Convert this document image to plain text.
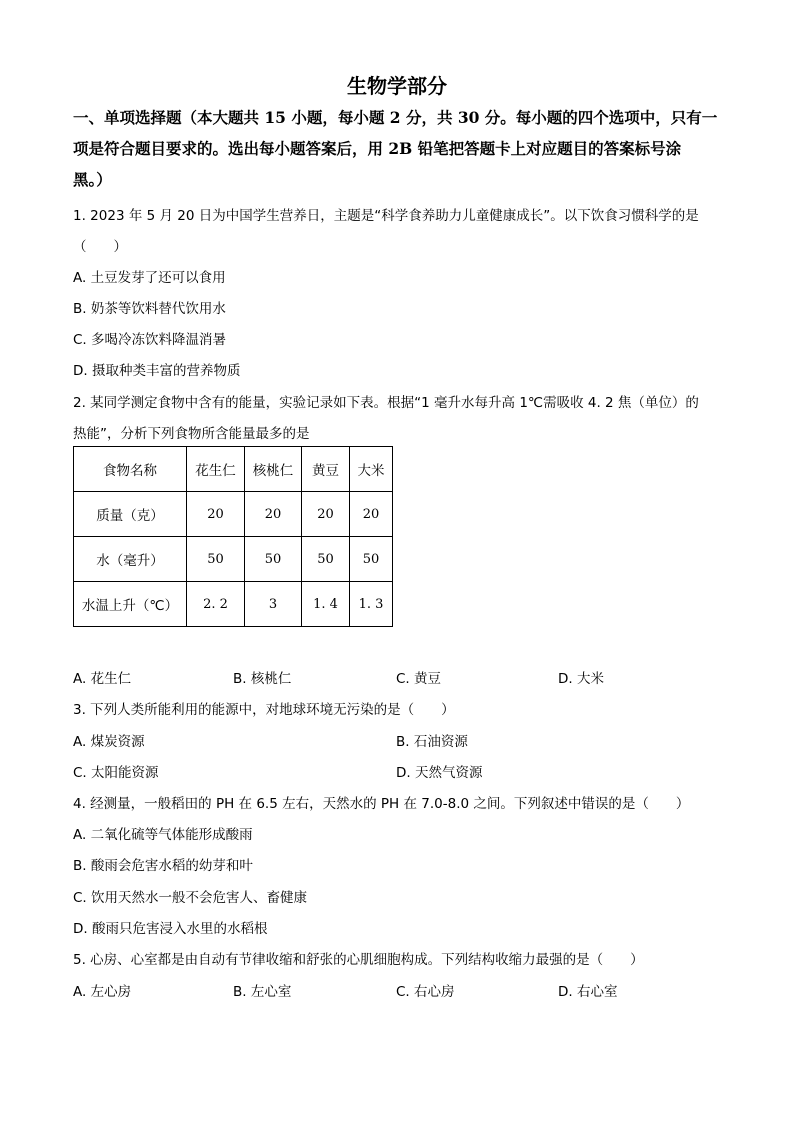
生物学部分
一、单项选择题（本大题共 15 小题，每小题 2 分，共 30 分。每小题的四个选项中，只有一
项是符合题目要求的。选出每小题答案后，用 2B 铅笔把答题卡上对应题目的答案标号涂
黑。）
1. 2023 年 5 月 20 日为中国学生营养日，主题是“科学食养助力儿童健康成长”。以下饮食习惯科学的是
（　　）
A. 土豆发芽了还可以食用
B. 奶茶等饮料替代饮用水
C. 多喝冷冻饮料降温消暑
D. 摄取种类丰富的营养物质
2. 某同学测定食物中含有的能量，实验记录如下表。根据“1 毫升水每升高 1℃需吸收 4. 2 焦（单位）的
热能”，分析下列食物所含能量最多的是
食物名称	花生仁	核桃仁	黄豆	大米
质量（克）	20	20	20	20
水（毫升）	50	50	50	50
水温上升（℃）	2. 2	3	1. 4	1. 3
A. 花生仁	B. 核桃仁	C. 黄豆	D. 大米
3. 下列人类所能利用的能源中，对地球环境无污染的是（　　）
A. 煤炭资源	B. 石油资源
C. 太阳能资源	D. 天然气资源
4. 经测量，一般稻田的 PH 在 6.5 左右，天然水的 PH 在 7.0-8.0 之间。下列叙述中错误的是（　　）
A. 二氧化硫等气体能形成酸雨
B. 酸雨会危害水稻的幼芽和叶
C. 饮用天然水一般不会危害人、畜健康
D. 酸雨只危害浸入水里的水稻根
5. 心房、心室都是由自动有节律收缩和舒张的心肌细胞构成。下列结构收缩力最强的是（　　）
A. 左心房	B. 左心室	C. 右心房	D. 右心室
